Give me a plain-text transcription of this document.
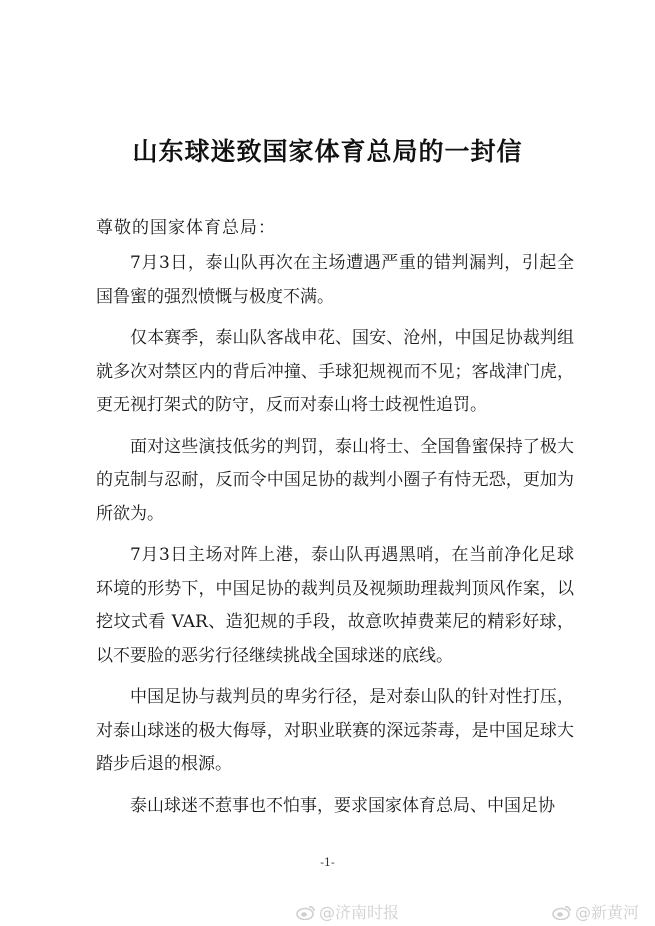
山东球迷致国家体育总局的一封信
尊敬的国家体育总局：

7月3日，泰山队再次在主场遭遇严重的错判漏判，引起全国鲁蜜的强烈愤慨与极度不满。

仅本赛季，泰山队客战申花、国安、沧州，中国足协裁判组就多次对禁区内的背后冲撞、手球犯规视而不见；客战津门虎，更无视打架式的防守，反而对泰山将士歧视性追罚。

面对这些演技低劣的判罚，泰山将士、全国鲁蜜保持了极大的克制与忍耐，反而令中国足协的裁判小圈子有恃无恐，更加为所欲为。

7月3日主场对阵上港，泰山队再遇黑哨，在当前净化足球环境的形势下，中国足协的裁判员及视频助理裁判顶风作案，以挖坟式看 VAR、造犯规的手段，故意吹掉费莱尼的精彩好球，以不要脸的恶劣行径继续挑战全国球迷的底线。

中国足协与裁判员的卑劣行径，是对泰山队的针对性打压，对泰山球迷的极大侮辱，对职业联赛的深远荼毒，是中国足球大踏步后退的根源。

泰山球迷不惹事也不怕事，要求国家体育总局、中国足协

-1-
@济南时报	@新黄河
